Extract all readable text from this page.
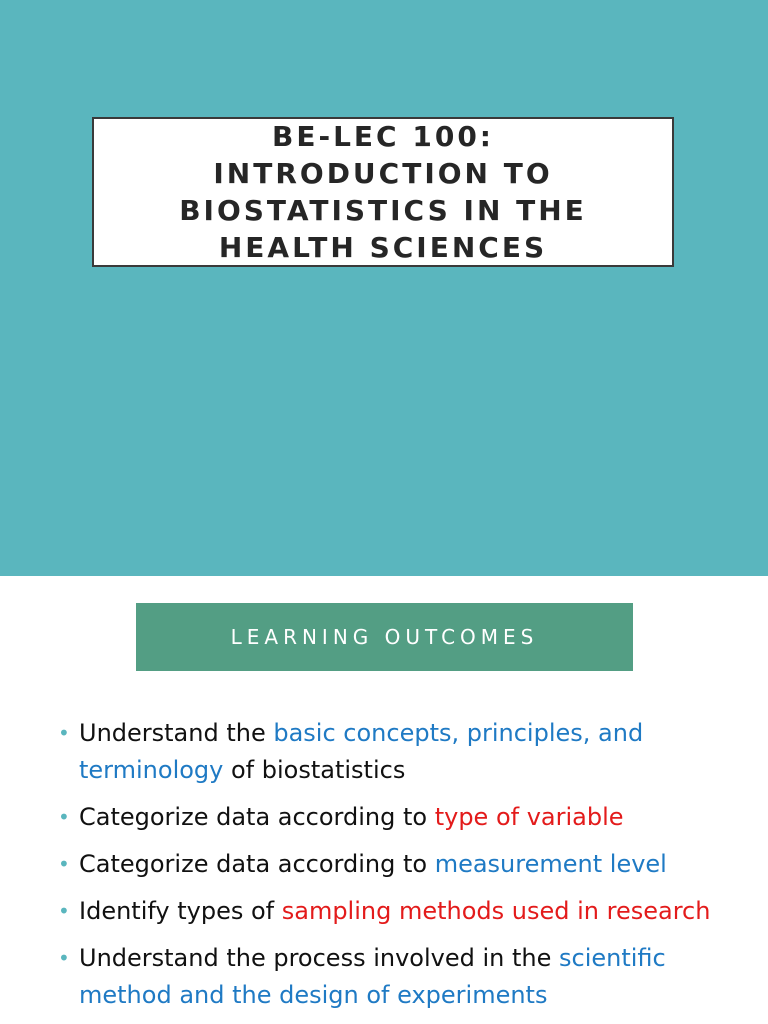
BE-LEC 100:
INTRODUCTION TO
BIOSTATISTICS IN THE
HEALTH SCIENCES
LEARNING OUTCOMES
• Understand the basic concepts, principles, and terminology of biostatistics
• Categorize data according to type of variable
• Categorize data according to measurement level
• Identify types of sampling methods used in research
• Understand the process involved in the scientific method and the design of experiments
